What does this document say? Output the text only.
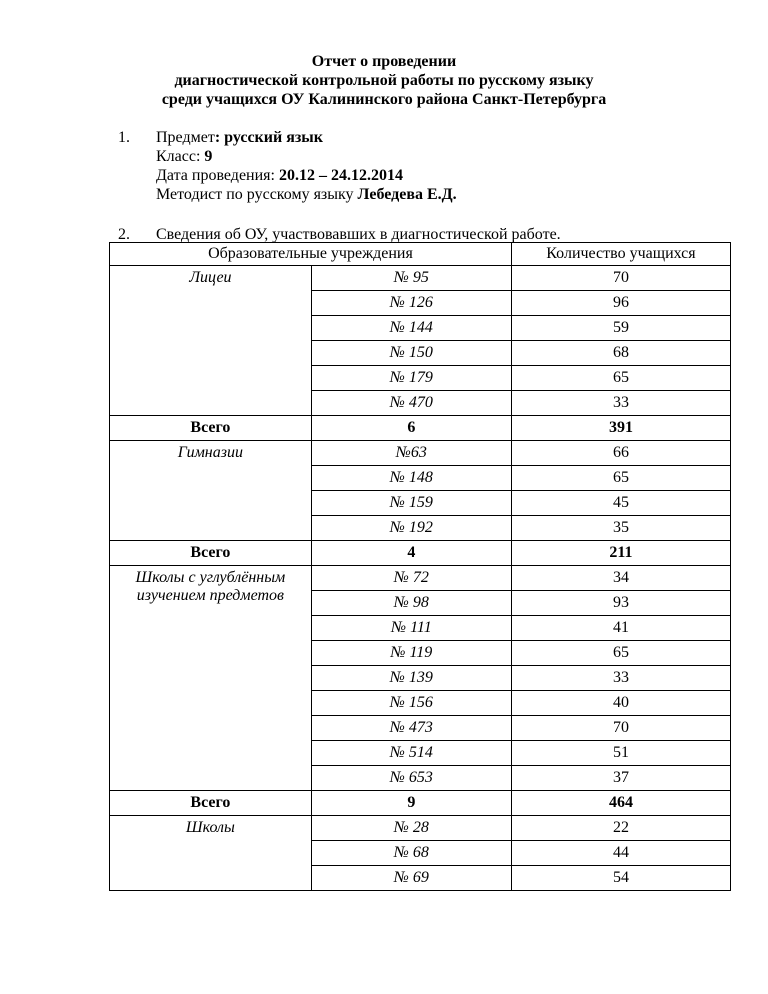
Отчет о проведении
диагностической контрольной работы по русскому языку
среди учащихся ОУ Калининского района Санкт-Петербурга
1.	Предмет: русский язык
Класс: 9
Дата проведения: 20.12 – 24.12.2014
Методист по русскому языку Лебедева Е.Д.
2.	Сведения об ОУ, участвовавших в диагностической работе.
Образовательные учреждения		Количество учащихся
Лицеи	№ 95	70
	№ 126	96
	№ 144	59
	№ 150	68
	№ 179	65
	№ 470	33
Всего	6	391
Гимназии	№63	66
	№ 148	65
	№ 159	45
	№ 192	35
Всего	4	211
Школы с углублённым изучением предметов	№ 72	34
	№ 98	93
	№ 111	41
	№ 119	65
	№ 139	33
	№ 156	40
	№ 473	70
	№ 514	51
	№ 653	37
Всего	9	464
Школы	№ 28	22
	№ 68	44
	№ 69	54
